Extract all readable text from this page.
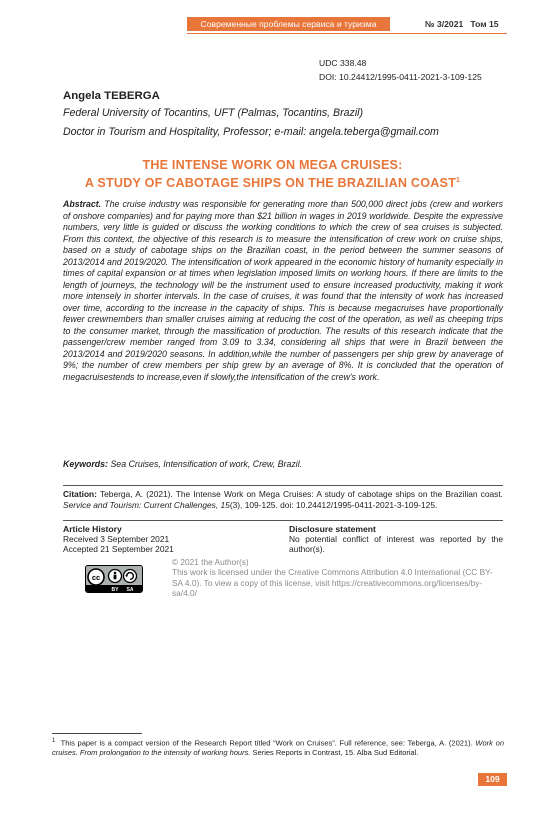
Современные проблемы сервиса и туризма	№ 3/2021   Том 15
UDC 338.48
DOI: 10.24412/1995-0411-2021-3-109-125
Angela TEBERGA
Federal University of Tocantins, UFT (Palmas, Tocantins, Brazil)
Doctor in Tourism and Hospitality, Professor; e-mail: angela.teberga@gmail.com
THE INTENSE WORK ON MEGA CRUISES:
A STUDY OF CABOTAGE SHIPS ON THE BRAZILIAN COAST$^1$

Abstract. The cruise industry was responsible for generating more than 500,000 direct jobs (crew and workers of onshore companies) and for paying more than $21 billion in wages in 2019 worldwide. Despite the expressive numbers, very little is guided or discuss the working conditions to which the crew of sea cruises is subjected. From this context, the objective of this research is to measure the intensification of crew work on cruise ships, based on a study of cabotage ships on the Brazilian coast, in the period between the summer seasons of 2013/2014 and 2019/2020. The intensification of work appeared in the economic history of humanity especially in times of capital expansion or at times when legislation imposed limits on working hours. If there are limits to the length of journeys, the technology will be the instrument used to ensure increased productivity, making it work more intensely in shorter intervals. In the case of cruises, it was found that the intensity of work has increased over time, according to the increase in the capacity of ships. This is because megacruises have proportionally fewer crewmembers than smaller cruises aiming at reducing the cost of the operation, as well as cheeping trips to the consumer market, through the massification of production. The results of this research indicate that the passenger/crew member ranged from 3.09 to 3.34, considering all ships that were in Brazil between the 2013/2014 and 2019/2020 seasons. In addition,while the number of passengers per ship grew by anaverage of 9%; the number of crew members per ship grew by an average of 8%. It is concluded that the operation of megacruisestends to increase,even if slowly,the intensification of the crew's work.

Keywords: Sea Cruises, Intensification of work, Crew, Brazil.

Citation: Teberga, A. (2021). The Intense Work on Mega Cruises: A study of cabotage ships on the Brazilian coast. Service and Tourism: Current Challenges, 15(3), 109-125. doi: 10.24412/1995-0411-2021-3-109-125.

Article History
Received 3 September 2021
Accepted 21 September 2021
Disclosure statement
No potential conflict of interest was reported by the author(s).
cc
BY SA
© 2021 the Author(s)
This work is licensed under the Creative Commons Attribution 4.0 International (CC BY-SA 4.0). To view a copy of this license, visit https://creativecommons.org/licenses/by-sa/4.0/

$^1$ This paper is a compact version of the Research Report titled “Work on Cruises”. Full reference, see: Teberga, A. (2021). Work on cruises. From prolongation to the intensity of working hours. Series Reports in Contrast, 15. Alba Sud Editorial.

109
